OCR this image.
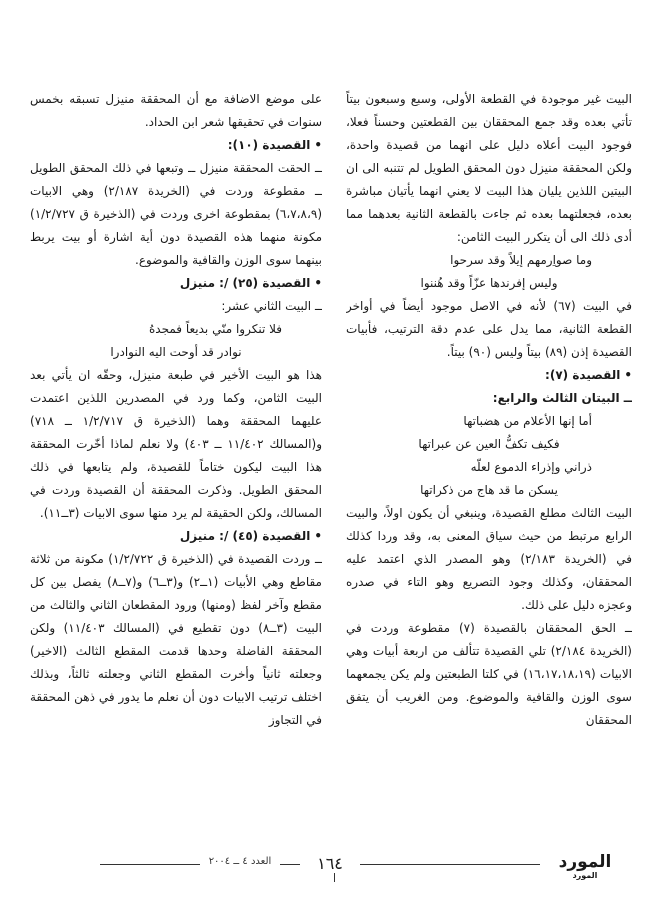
البيت غير موجودة في القطعة الأولى، وسبع وسبعون بيتاً تأتي بعده وقد جمع المحققان بين القطعتين وحسناً فعلا، فوجود البيت أعلاه دليل على انهما من قصيدة واحدة، ولكن المحققة منيزل دون المحقق الطويل لم تتنبه الى ان البيتين اللذين يليان هذا البيت لا يعني انهما يأتيان مباشرة بعده، فجعلتهما بعده ثم جاءت بالقطعة الثانية بعدهما مما أدى ذلك الى أن يتكرر البيت الثامن:

وما صواِرمهم إيلاً وقد سرحوا

وليس إفرندها عزّاً وقد هُننوا

في البيت (٦٧) لأنه في الاصل موجود أيضاً في أواخر القطعة الثانية، مما يدل على عدم دقة الترتيب، فأبيات القصيدة إذن (٨٩) بيتاً وليس (٩٠) بيتاً.

•القصيدة (٧):

ــ البيتان الثالث والرابع:

أما إنها الأعلام من هضباتها

فكيف تكفُّ العين عن عبراتها

ذراني وإذراء الدموع لعلّه

يسكن ما قد هاج من ذكراتها

البيت الثالث مطلع القصيدة، وينبغي أن يكون اولاً، والبيت الرابع مرتبط من حيث سياق المعنى به، وقد وردا كذلك في (الخريدة ٢/١٨٣) وهو المصدر الذي اعتمد عليه المحققان، وكذلك وجود التصريع وهو التاء في صدره وعجزه دليل على ذلك.

ــ الحق المحققان بالقصيدة (٧) مقطوعة وردت في (الخريدة ٢/١٨٤) تلي القصيدة تتألف من اربعة أبيات وهي الابيات (١٦،١٧،١٨،١٩) في كلتا الطبعتين ولم يكن يجمعهما سوى الوزن والقافية والموضوع. ومن الغريب أن يتفق المحققان

على موضع الاضافة مع أن المحققة منيزل تسبقه بخمس سنوات في تحقيقها شعر ابن الحداد.

•القصيدة (١٠):

ــ الحقت المحققة منيزل ــ وتبعها في ذلك المحقق الطويل ــ مقطوعة وردت في (الخريدة ٢/١٨٧) وهي الابيات (٦،٧،٨،٩) بمقطوعة اخرى وردت في (الذخيرة ق ١/٢/٧٢٧) مكونة منهما هذه القصيدة دون أية اشارة أو بيت يربط بينهما سوى الوزن والقافية والموضوع.

•القصيدة (٢٥) /: منيزل

ــ البيت الثاني عشر:

فلا تنكروا منّي بديعاً فمجدهُ

نوادر قد أوحت اليه النوادرا

هذا هو البيت الأخير في طبعة منيزل، وحقّه ان يأتي بعد البيت الثامن، وكما ورد في المصدرين اللذين اعتمدت عليهما المحققة وهما (الذخيرة ق ١/٢/٧١٧ ــ ٧١٨) و(المسالك ١١/٤٠٢ ــ ٤٠٣) ولا نعلم لماذا أخّرت المحققة هذا البيت ليكون ختاماً للقصيدة، ولم يتابعها في ذلك المحقق الطويل. وذكرت المحققة أن القصيدة وردت في المسالك، ولكن الحقيقة لم يرد منها سوى الابيات (٣ــ١١).

•القصيدة (٤٥) /: منيزل

ــ وردت القصيدة في (الذخيرة ق ١/٢/٧٢٢) مكونة من ثلاثة مقاطع وهي الأبيات (١ــ٢) و(٣ــ٦) و(٧ــ٨) يفصل بين كل مقطع وآخر لفظ (ومنها) ورود المقطعان الثاني والثالث من البيت (٣ــ٨) دون تقطيع في (المسالك ١١/٤٠٣) ولكن المحققة الفاضلة وحدها قدمت المقطع الثالث (الاخير) وجعلته ثانياً وأخرت المقطع الثاني وجعلته ثالثاً، وبذلك اختلف ترتيب الابيات دون أن نعلم ما يدور في ذهن المحققة في التجاوز

العدد ٤ ــ ٢٠٠٤	١٦٤	المورد
المورد
